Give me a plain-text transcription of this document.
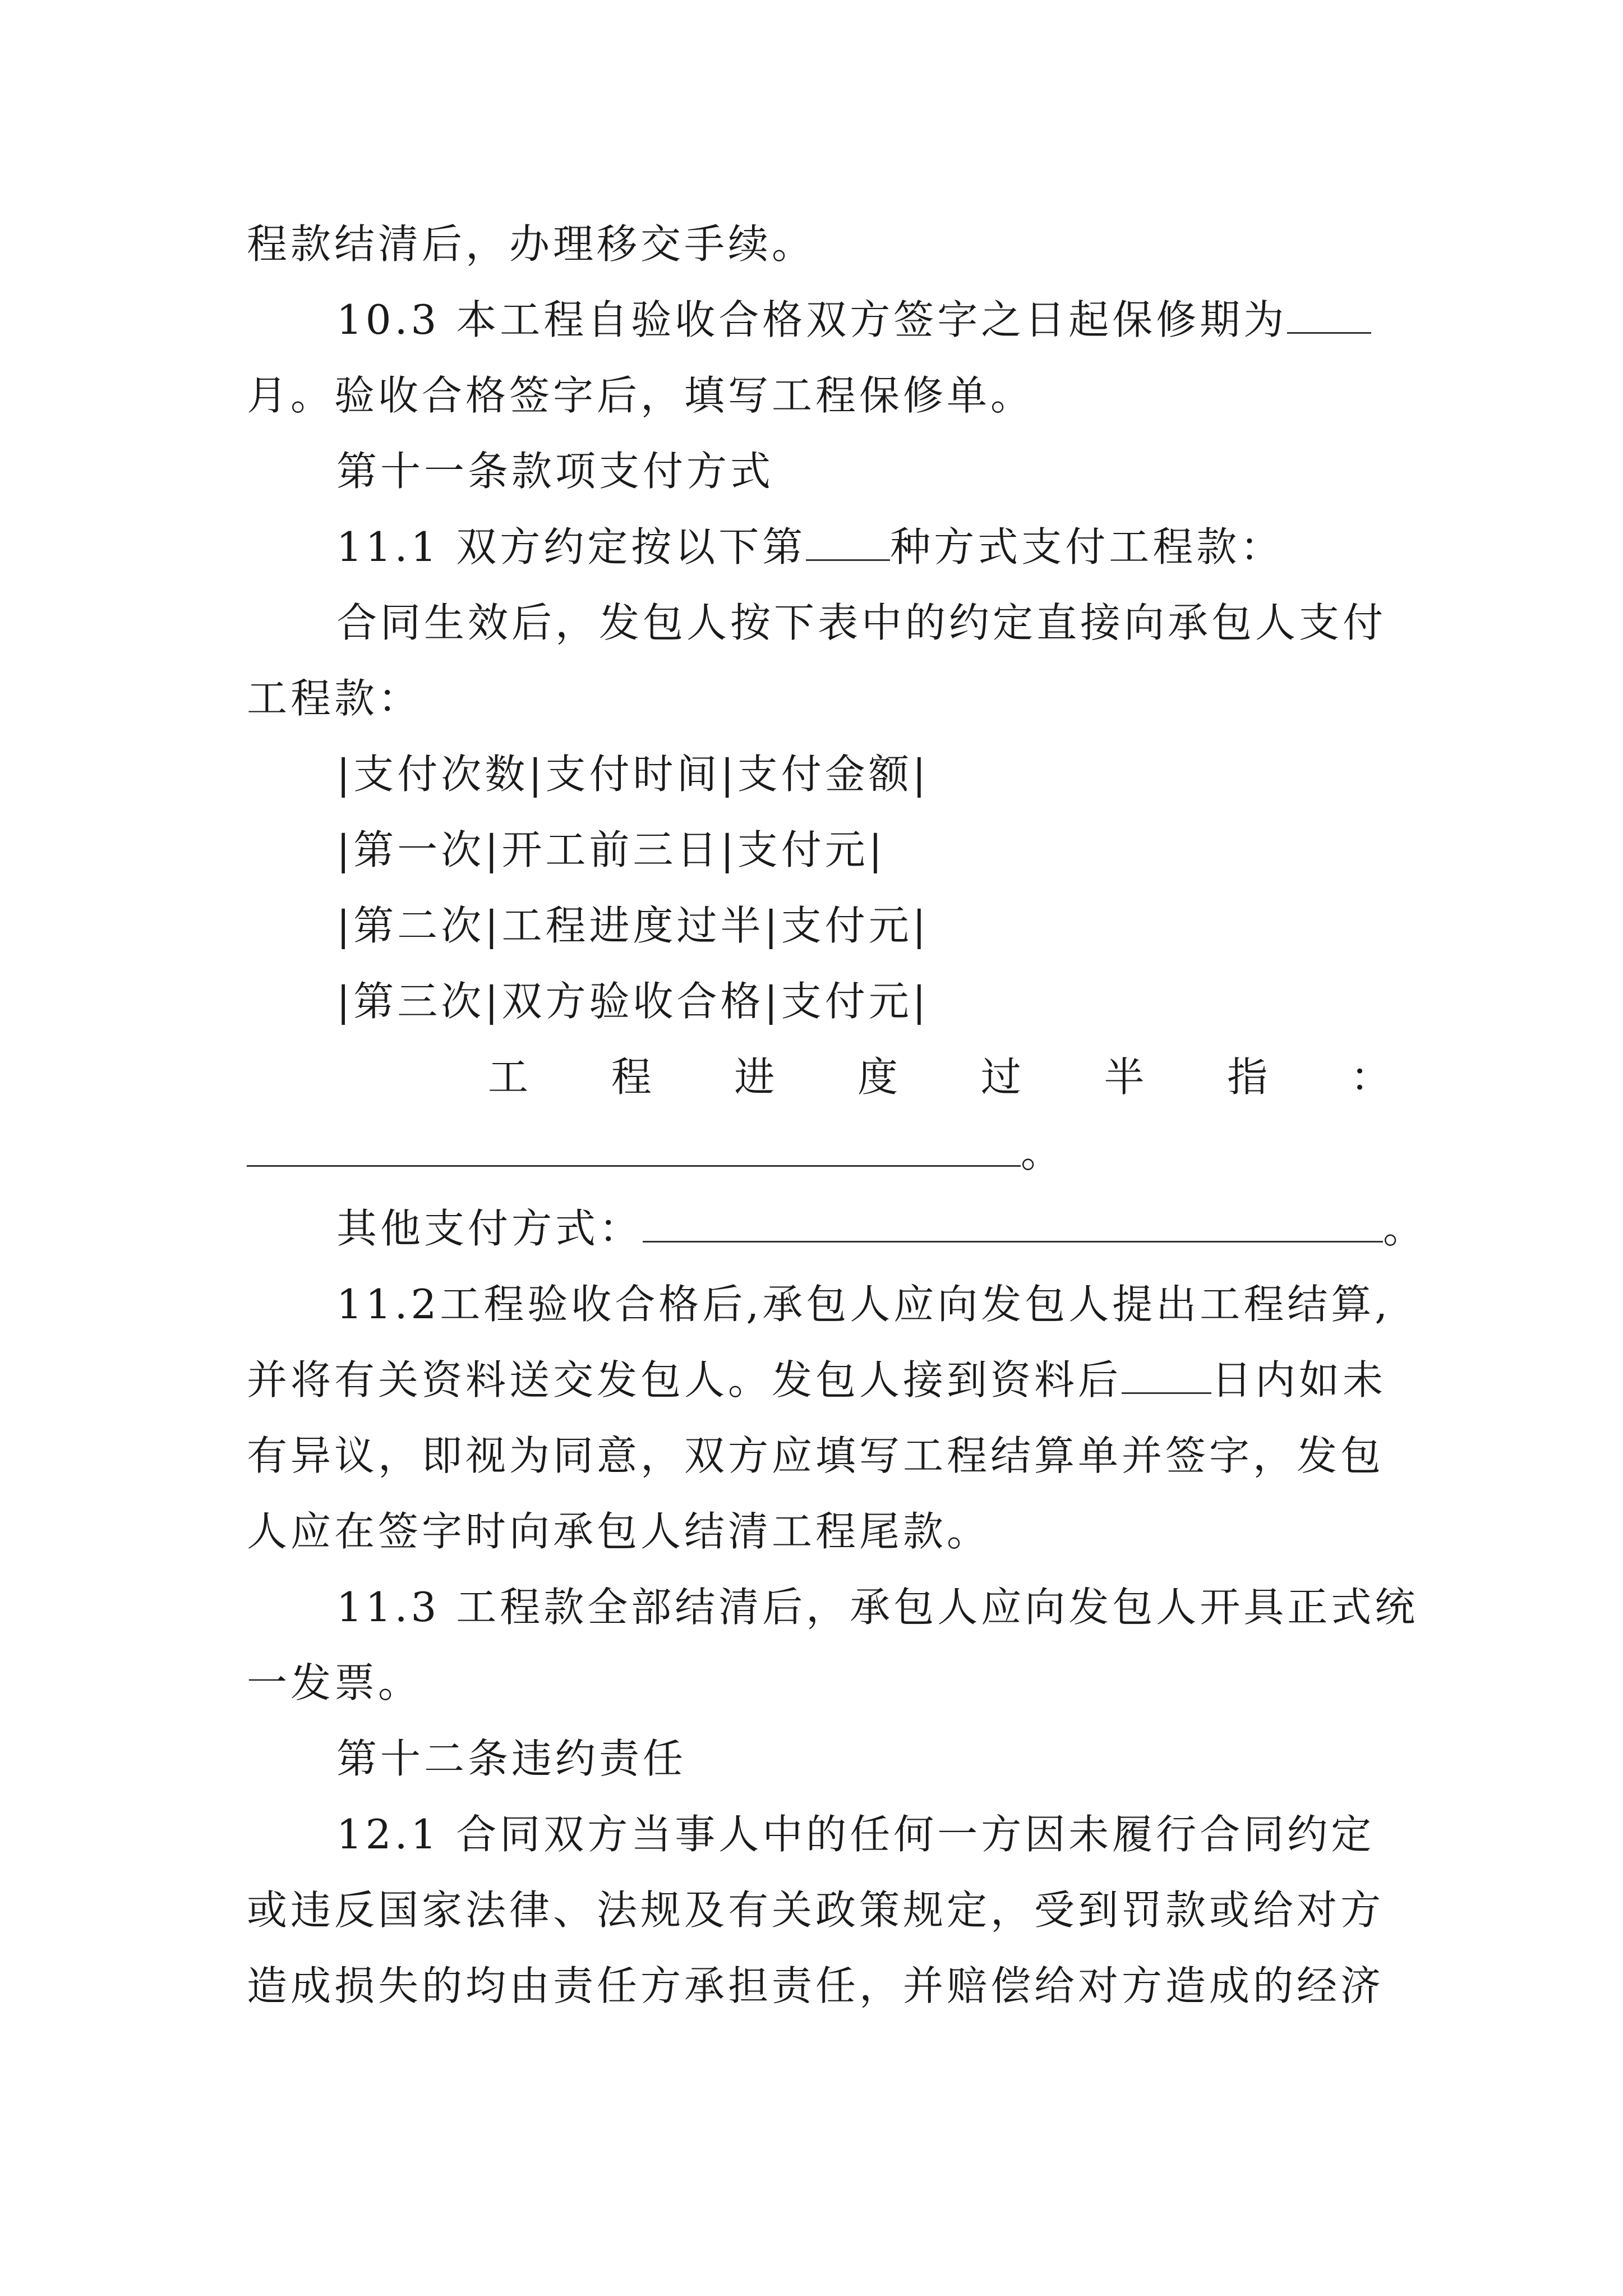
程款结清后，办理移交手续。
10.3 本工程自验收合格双方签字之日起保修期为
月。验收合格签字后，填写工程保修单。
第十一条款项支付方式
11.1 双方约定按以下第 种方式支付工程款：
合同生效后，发包人按下表中的约定直接向承包人支付
工程款：
|支付次数|支付时间|支付金额|
|第一次|开工前三日|支付元|
|第二次|工程进度过半|支付元|
|第三次|双方验收合格|支付元|
工 程 进 度 过 半 指 ：
。
其他支付方式：	。
11.2工程验收合格后,承包人应向发包人提出工程结算,
并将有关资料送交发包人。发包人接到资料后 日内如未
有异议，即视为同意，双方应填写工程结算单并签字，发包
人应在签字时向承包人结清工程尾款。
11.3 工程款全部结清后，承包人应向发包人开具正式统
一发票。
第十二条违约责任
12.1 合同双方当事人中的任何一方因未履行合同约定
或违反国家法律、法规及有关政策规定，受到罚款或给对方
造成损失的均由责任方承担责任，并赔偿给对方造成的经济
